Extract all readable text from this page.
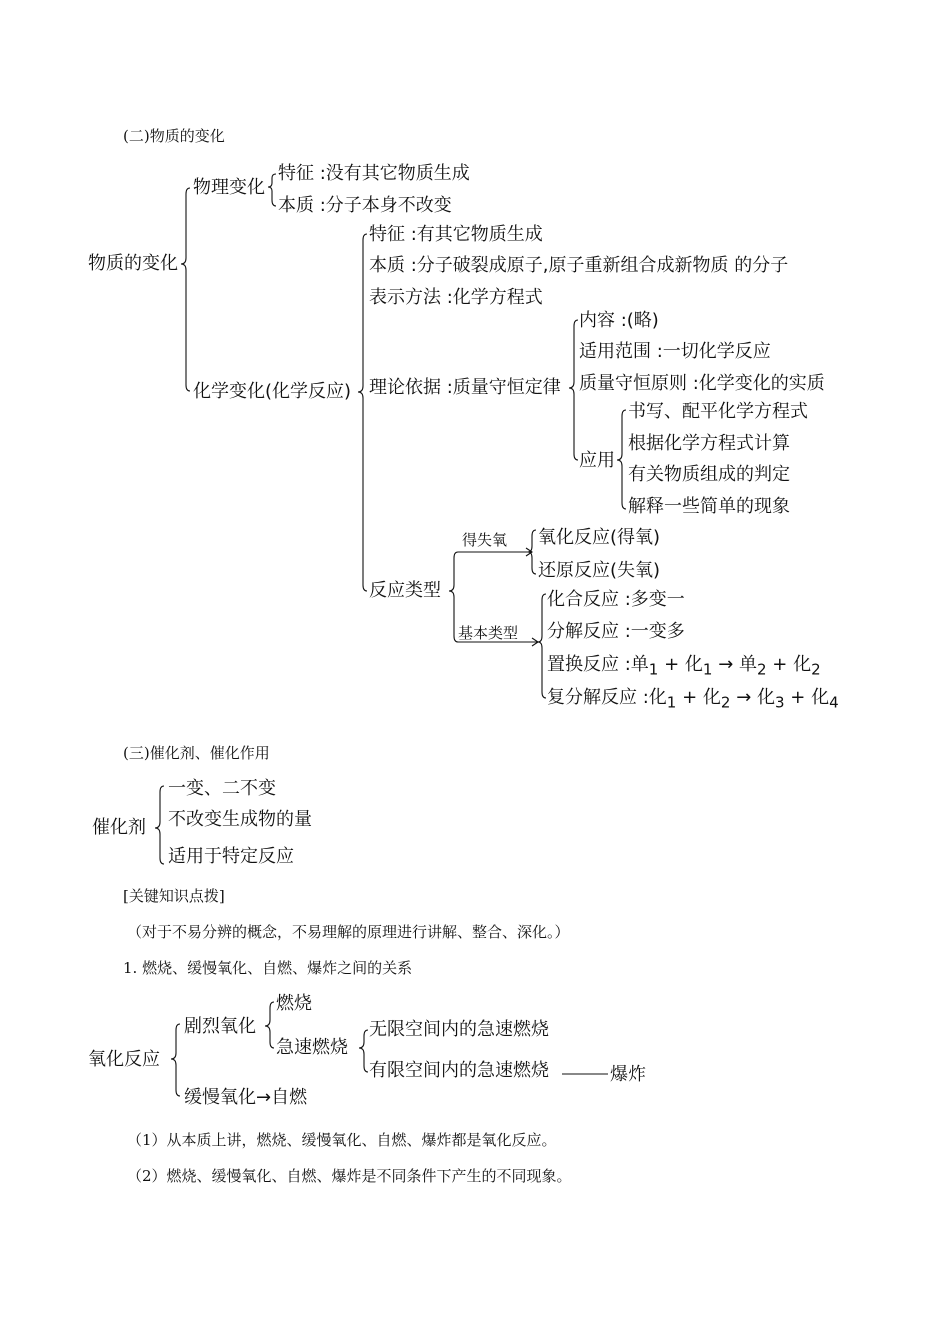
(二)物质的变化
物质的变化
物理变化
特征 :没有其它物质生成
本质 :分子本身不改变
化学变化(化学反应)
特征 :有其它物质生成
本质 :分子破裂成原子,原子重新组合成新物质 的分子
表示方法 :化学方程式
理论依据 :质量守恒定律
内容 :(略)
适用范围 :一切化学反应
质量守恒原则 :化学变化的实质
应用
书写、配平化学方程式
根据化学方程式计算
有关物质组成的判定
解释一些简单的现象
反应类型
得失氧 氧化反应(得氧)
还原反应(失氧)
基本类型
化合反应 :多变一
分解反应 :一变多
置换反应 :单$_1$ + 化$_1$ → 单$_2$ + 化$_2$
复分解反应 :化$_1$ + 化$_2$ → 化$_3$ + 化$_4$
(三)催化剂、催化作用
催化剂
一变、二不变
不改变生成物的量
适用于特定反应
[关键知识点拨]
（对于不易分辨的概念，不易理解的原理进行讲解、整合、深化。）
1. 燃烧、缓慢氧化、自燃、爆炸之间的关系
氧化反应
剧烈氧化
燃烧
急速燃烧
无限空间内的急速燃烧
有限空间内的急速燃烧	爆炸
缓慢氧化→自燃
（1）从本质上讲，燃烧、缓慢氧化、自燃、爆炸都是氧化反应。
（2）燃烧、缓慢氧化、自燃、爆炸是不同条件下产生的不同现象。
